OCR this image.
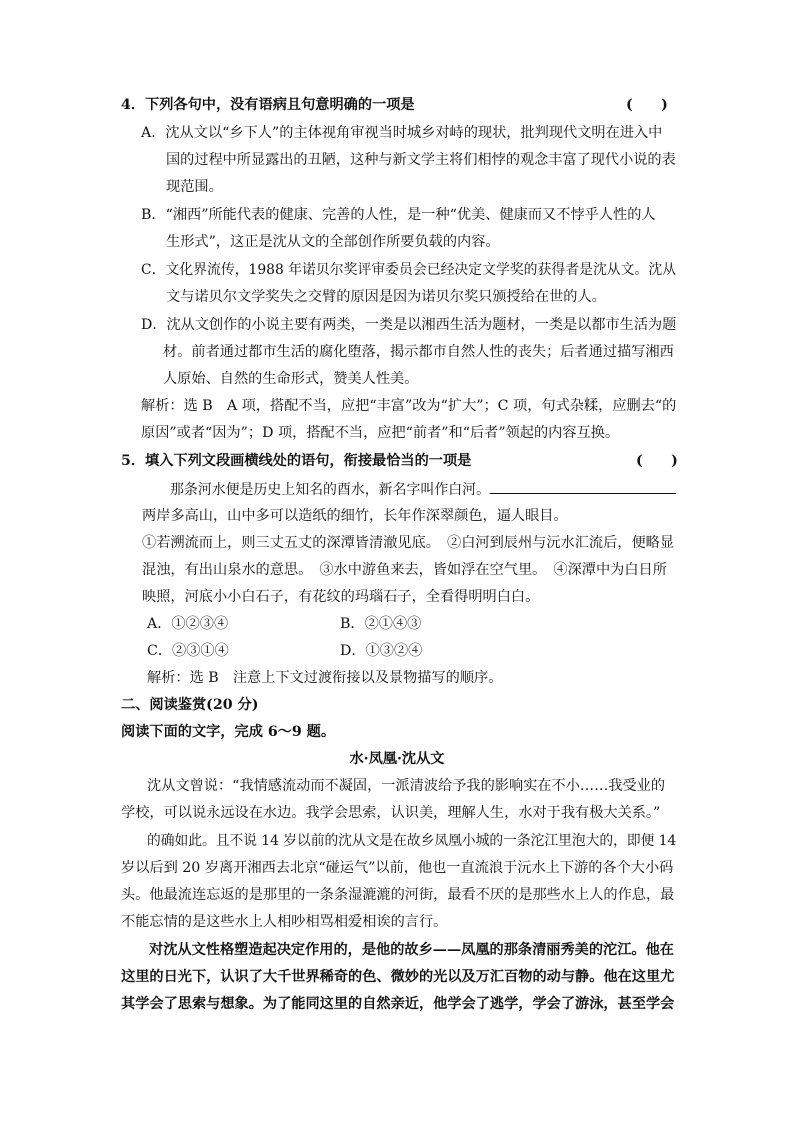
4．下列各句中，没有语病且句意明确的一项是	(　　)
A．沈从文以“乡下人”的主体视角审视当时城乡对峙的现状，批判现代文明在进入中
国的过程中所显露出的丑陋，这种与新文学主将们相悖的观念丰富了现代小说的表
现范围。
B．“湘西”所能代表的健康、完善的人性，是一种“优美、健康而又不悖乎人性的人
生形式”，这正是沈从文的全部创作所要负载的内容。
C．文化界流传，1988 年诺贝尔奖评审委员会已经决定文学奖的获得者是沈从文。沈从
文与诺贝尔文学奖失之交臂的原因是因为诺贝尔奖只颁授给在世的人。
D．沈从文创作的小说主要有两类，一类是以湘西生活为题材，一类是以都市生活为题
材。前者通过都市生活的腐化堕落，揭示都市自然人性的丧失；后者通过描写湘西
人原始、自然的生命形式，赞美人性美。
解析：选 B　A 项，搭配不当，应把“丰富”改为“扩大”；C 项，句式杂糅，应删去“的
原因”或者“因为”；D 项，搭配不当，应把“前者”和“后者”领起的内容互换。
5．填入下列文段画横线处的语句，衔接最恰当的一项是	(　　)
那条河水便是历史上知名的酉水，新名字叫作白河。
两岸多高山，山中多可以造纸的细竹，长年作深翠颜色，逼人眼目。
①若溯流而上，则三丈五丈的深潭皆清澈见底。　②白河到辰州与沅水汇流后，便略显
混浊，有出山泉水的意思。　③水中游鱼来去，皆如浮在空气里。　④深潭中为白日所
映照，河底小小白石子，有花纹的玛瑙石子，全看得明明白白。
A．①②③④	B．②①④③
C．②③①④	D．①③②④
解析：选 B　注意上下文过渡衔接以及景物描写的顺序。
二、阅读鉴赏(20 分)
阅读下面的文字，完成 6～9 题。
水·凤凰·沈从文
沈从文曾说：“我情感流动而不凝固，一派清波给予我的影响实在不小……我受业的
学校，可以说永远设在水边。我学会思索，认识美，理解人生，水对于我有极大关系。”
的确如此。且不说 14 岁以前的沈从文是在故乡凤凰小城的一条沱江里泡大的，即便 14
岁以后到 20 岁离开湘西去北京“碰运气”以前，他也一直流浪于沅水上下游的各个大小码
头。他最流连忘返的是那里的一条条湿漉漉的河街，最看不厌的是那些水上人的作息，最
不能忘情的是这些水上人相吵相骂相爱相诶的言行。
对沈从文性格塑造起决定作用的，是他的故乡——凤凰的那条清丽秀美的沱江。他在
这里的日光下，认识了大千世界稀奇的色、微妙的光以及万汇百物的动与静。他在这里尤
其学会了思索与想象。为了能同这里的自然亲近，他学会了逃学，学会了游泳，甚至学会
